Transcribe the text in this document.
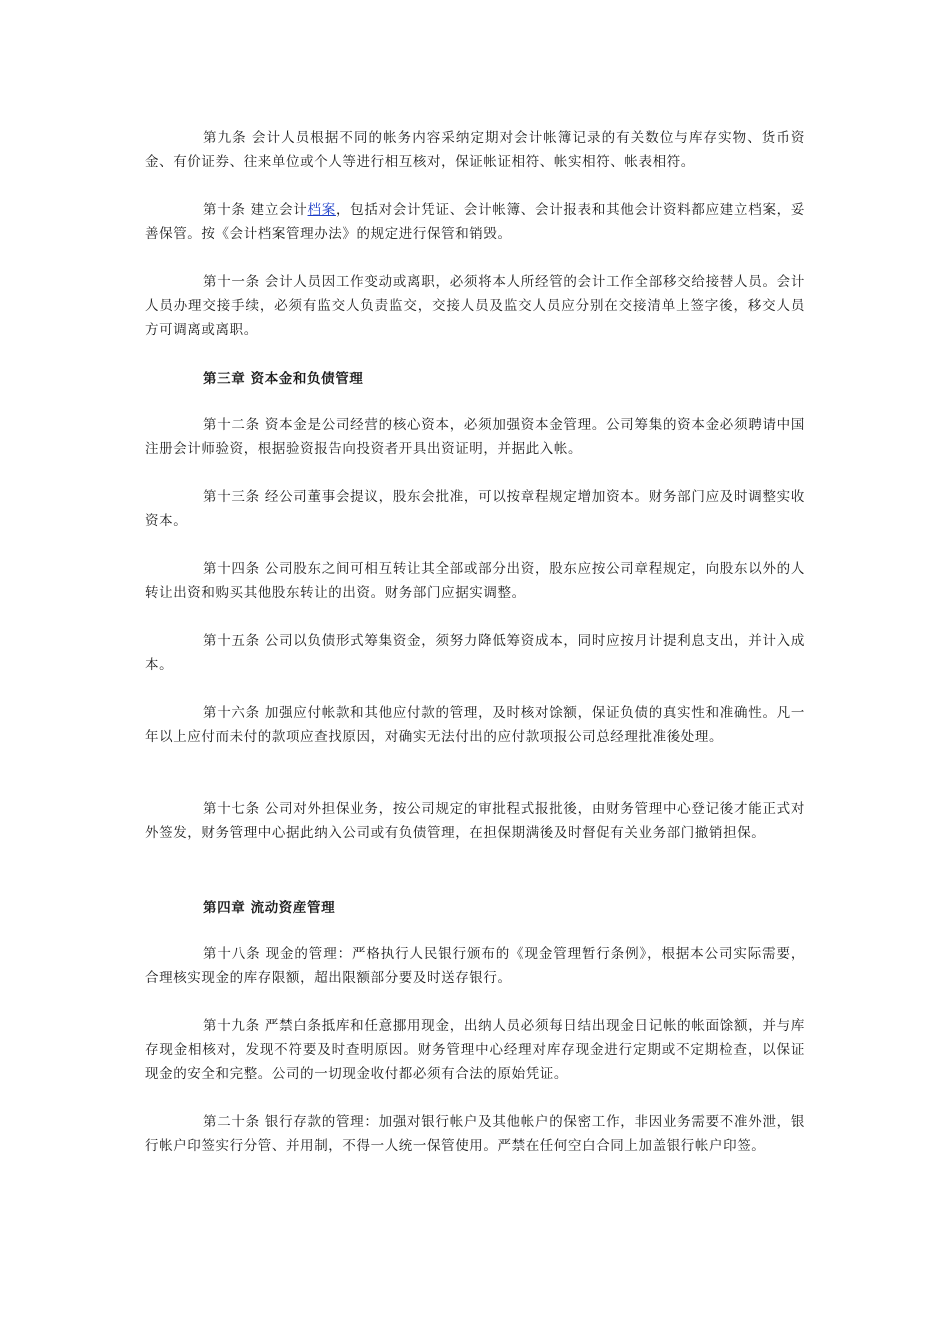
第九条 会计人员根据不同的帐务内容采纳定期对会计帐簿记录的有关数位与库存实物、货币资金、有价证券、往来单位或个人等进行相互核对，保证帐证相符、帐实相符、帐表相符。

第十条 建立会计档案，包括对会计凭证、会计帐簿、会计报表和其他会计资料都应建立档案，妥善保管。按《会计档案管理办法》的规定进行保管和销毁。

第十一条 会计人员因工作变动或离职，必须将本人所经管的会计工作全部移交给接替人员。会计人员办理交接手续，必须有监交人负责监交，交接人员及监交人员应分别在交接清单上签字後，移交人员方可调离或离职。

第三章 资本金和负债管理

第十二条 资本金是公司经营的核心资本，必须加强资本金管理。公司筹集的资本金必须聘请中国注册会计师验资，根据验资报告向投资者开具出资证明，并据此入帐。

第十三条 经公司董事会提议，股东会批准，可以按章程规定增加资本。财务部门应及时调整实收资本。

第十四条 公司股东之间可相互转让其全部或部分出资，股东应按公司章程规定，向股东以外的人转让出资和购买其他股东转让的出资。财务部门应据实调整。

第十五条 公司以负债形式筹集资金，须努力降低筹资成本，同时应按月计提利息支出，并计入成本。

第十六条 加强应付帐款和其他应付款的管理，及时核对馀额，保证负债的真实性和准确性。凡一年以上应付而未付的款项应查找原因，对确实无法付出的应付款项报公司总经理批准後处理。

第十七条 公司对外担保业务，按公司规定的审批程式报批後，由财务管理中心登记後才能正式对外签发，财务管理中心据此纳入公司或有负债管理，在担保期满後及时督促有关业务部门撤销担保。

第四章 流动资産管理

第十八条 现金的管理：严格执行人民银行颁布的《现金管理暂行条例》，根据本公司实际需要，合理核实现金的库存限额，超出限额部分要及时送存银行。

第十九条 严禁白条抵库和任意挪用现金，出纳人员必须每日结出现金日记帐的帐面馀额，并与库存现金相核对，发现不符要及时查明原因。财务管理中心经理对库存现金进行定期或不定期检查，以保证现金的安全和完整。公司的一切现金收付都必须有合法的原始凭证。

第二十条 银行存款的管理：加强对银行帐户及其他帐户的保密工作，非因业务需要不准外泄，银行帐户印签实行分管、并用制，不得一人统一保管使用。严禁在任何空白合同上加盖银行帐户印签。
